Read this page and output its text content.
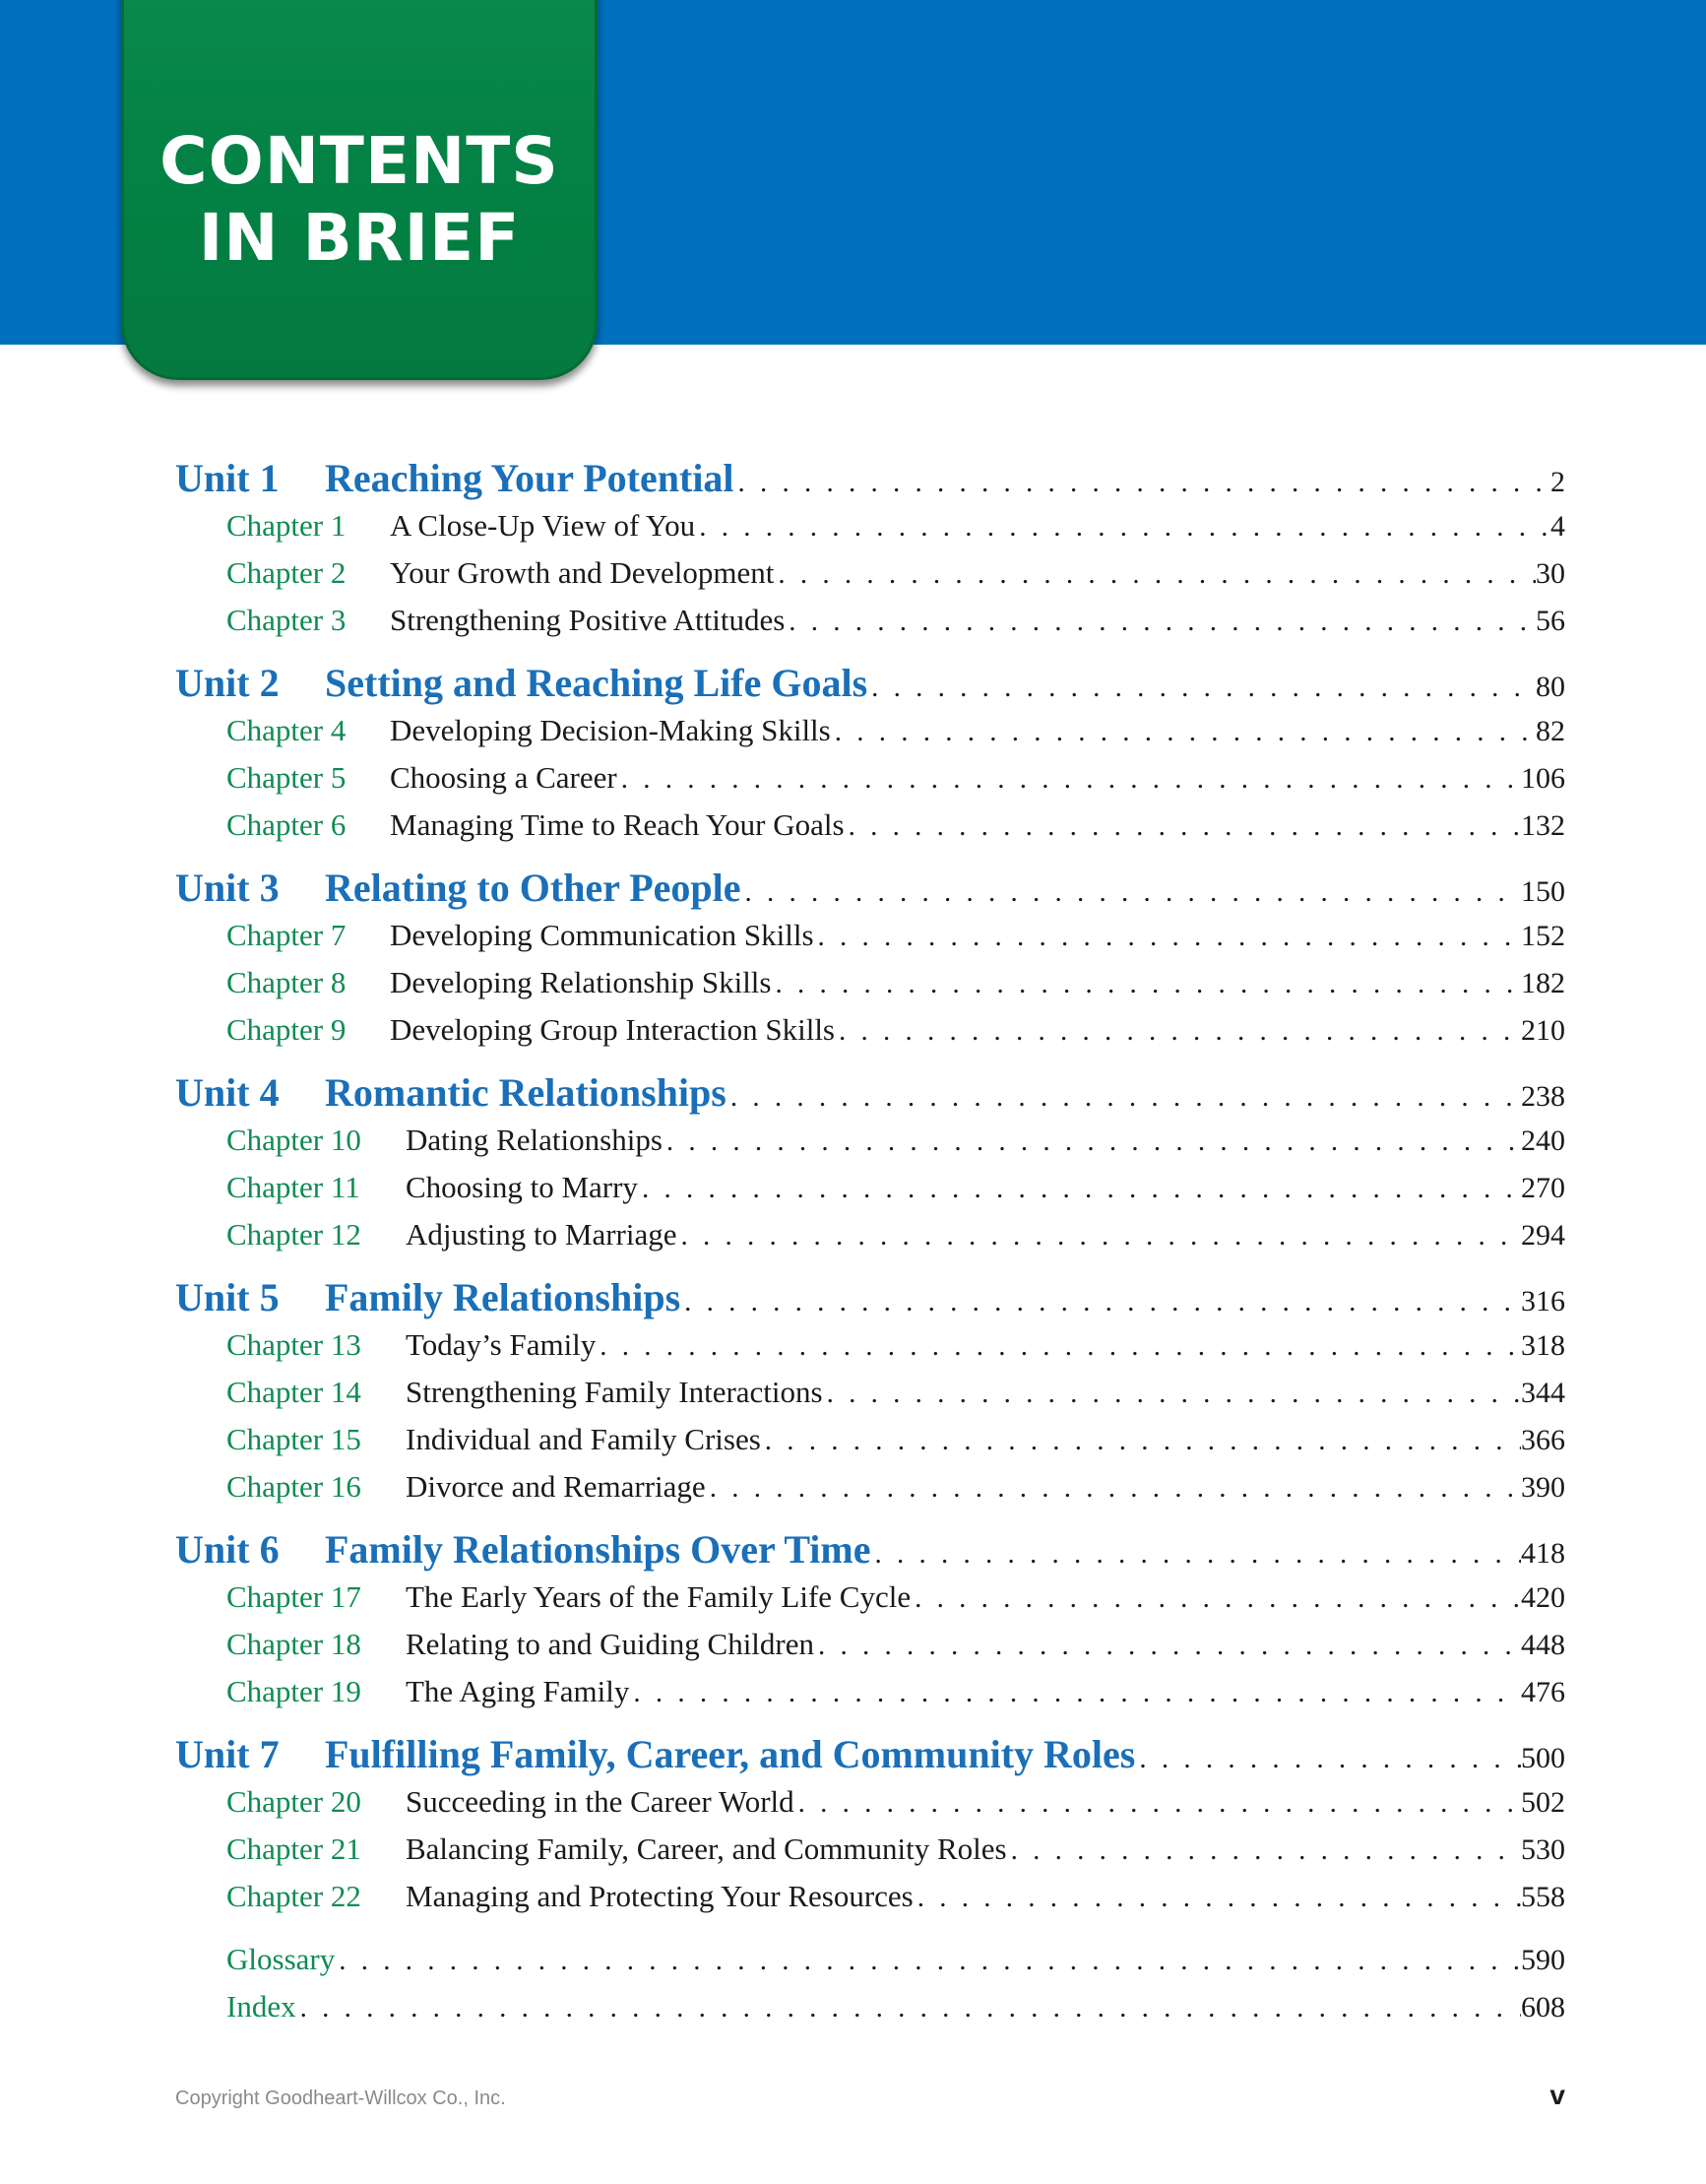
CONTENTS
IN BRIEF
Unit 1	Reaching Your Potential . . .	2
Chapter 1	A Close-Up View of You . . .	4
Chapter 2	Your Growth and Development . . .	30
Chapter 3	Strengthening Positive Attitudes . . .	56
Unit 2	Setting and Reaching Life Goals . . .	80
Chapter 4	Developing Decision-Making Skills . . .	82
Chapter 5	Choosing a Career . . .	106
Chapter 6	Managing Time to Reach Your Goals . . .	132
Unit 3	Relating to Other People . . .	150
Chapter 7	Developing Communication Skills . . .	152
Chapter 8	Developing Relationship Skills . . .	182
Chapter 9	Developing Group Interaction Skills . . .	210
Unit 4	Romantic Relationships . . .	238
Chapter 10	Dating Relationships . . .	240
Chapter 11	Choosing to Marry . . .	270
Chapter 12	Adjusting to Marriage . . .	294
Unit 5	Family Relationships . . .	316
Chapter 13	Today’s Family . . .	318
Chapter 14	Strengthening Family Interactions . . .	344
Chapter 15	Individual and Family Crises . . .	366
Chapter 16	Divorce and Remarriage . . .	390
Unit 6	Family Relationships Over Time . . .	418
Chapter 17	The Early Years of the Family Life Cycle . . .	420
Chapter 18	Relating to and Guiding Children . . .	448
Chapter 19	The Aging Family . . .	476
Unit 7	Fulfilling Family, Career, and Community Roles . . .	500
Chapter 20	Succeeding in the Career World . . .	502
Chapter 21	Balancing Family, Career, and Community Roles . . .	530
Chapter 22	Managing and Protecting Your Resources . . .	558
Glossary . . .	590
Index . . .	608
Copyright Goodheart-Willcox Co., Inc.	v
